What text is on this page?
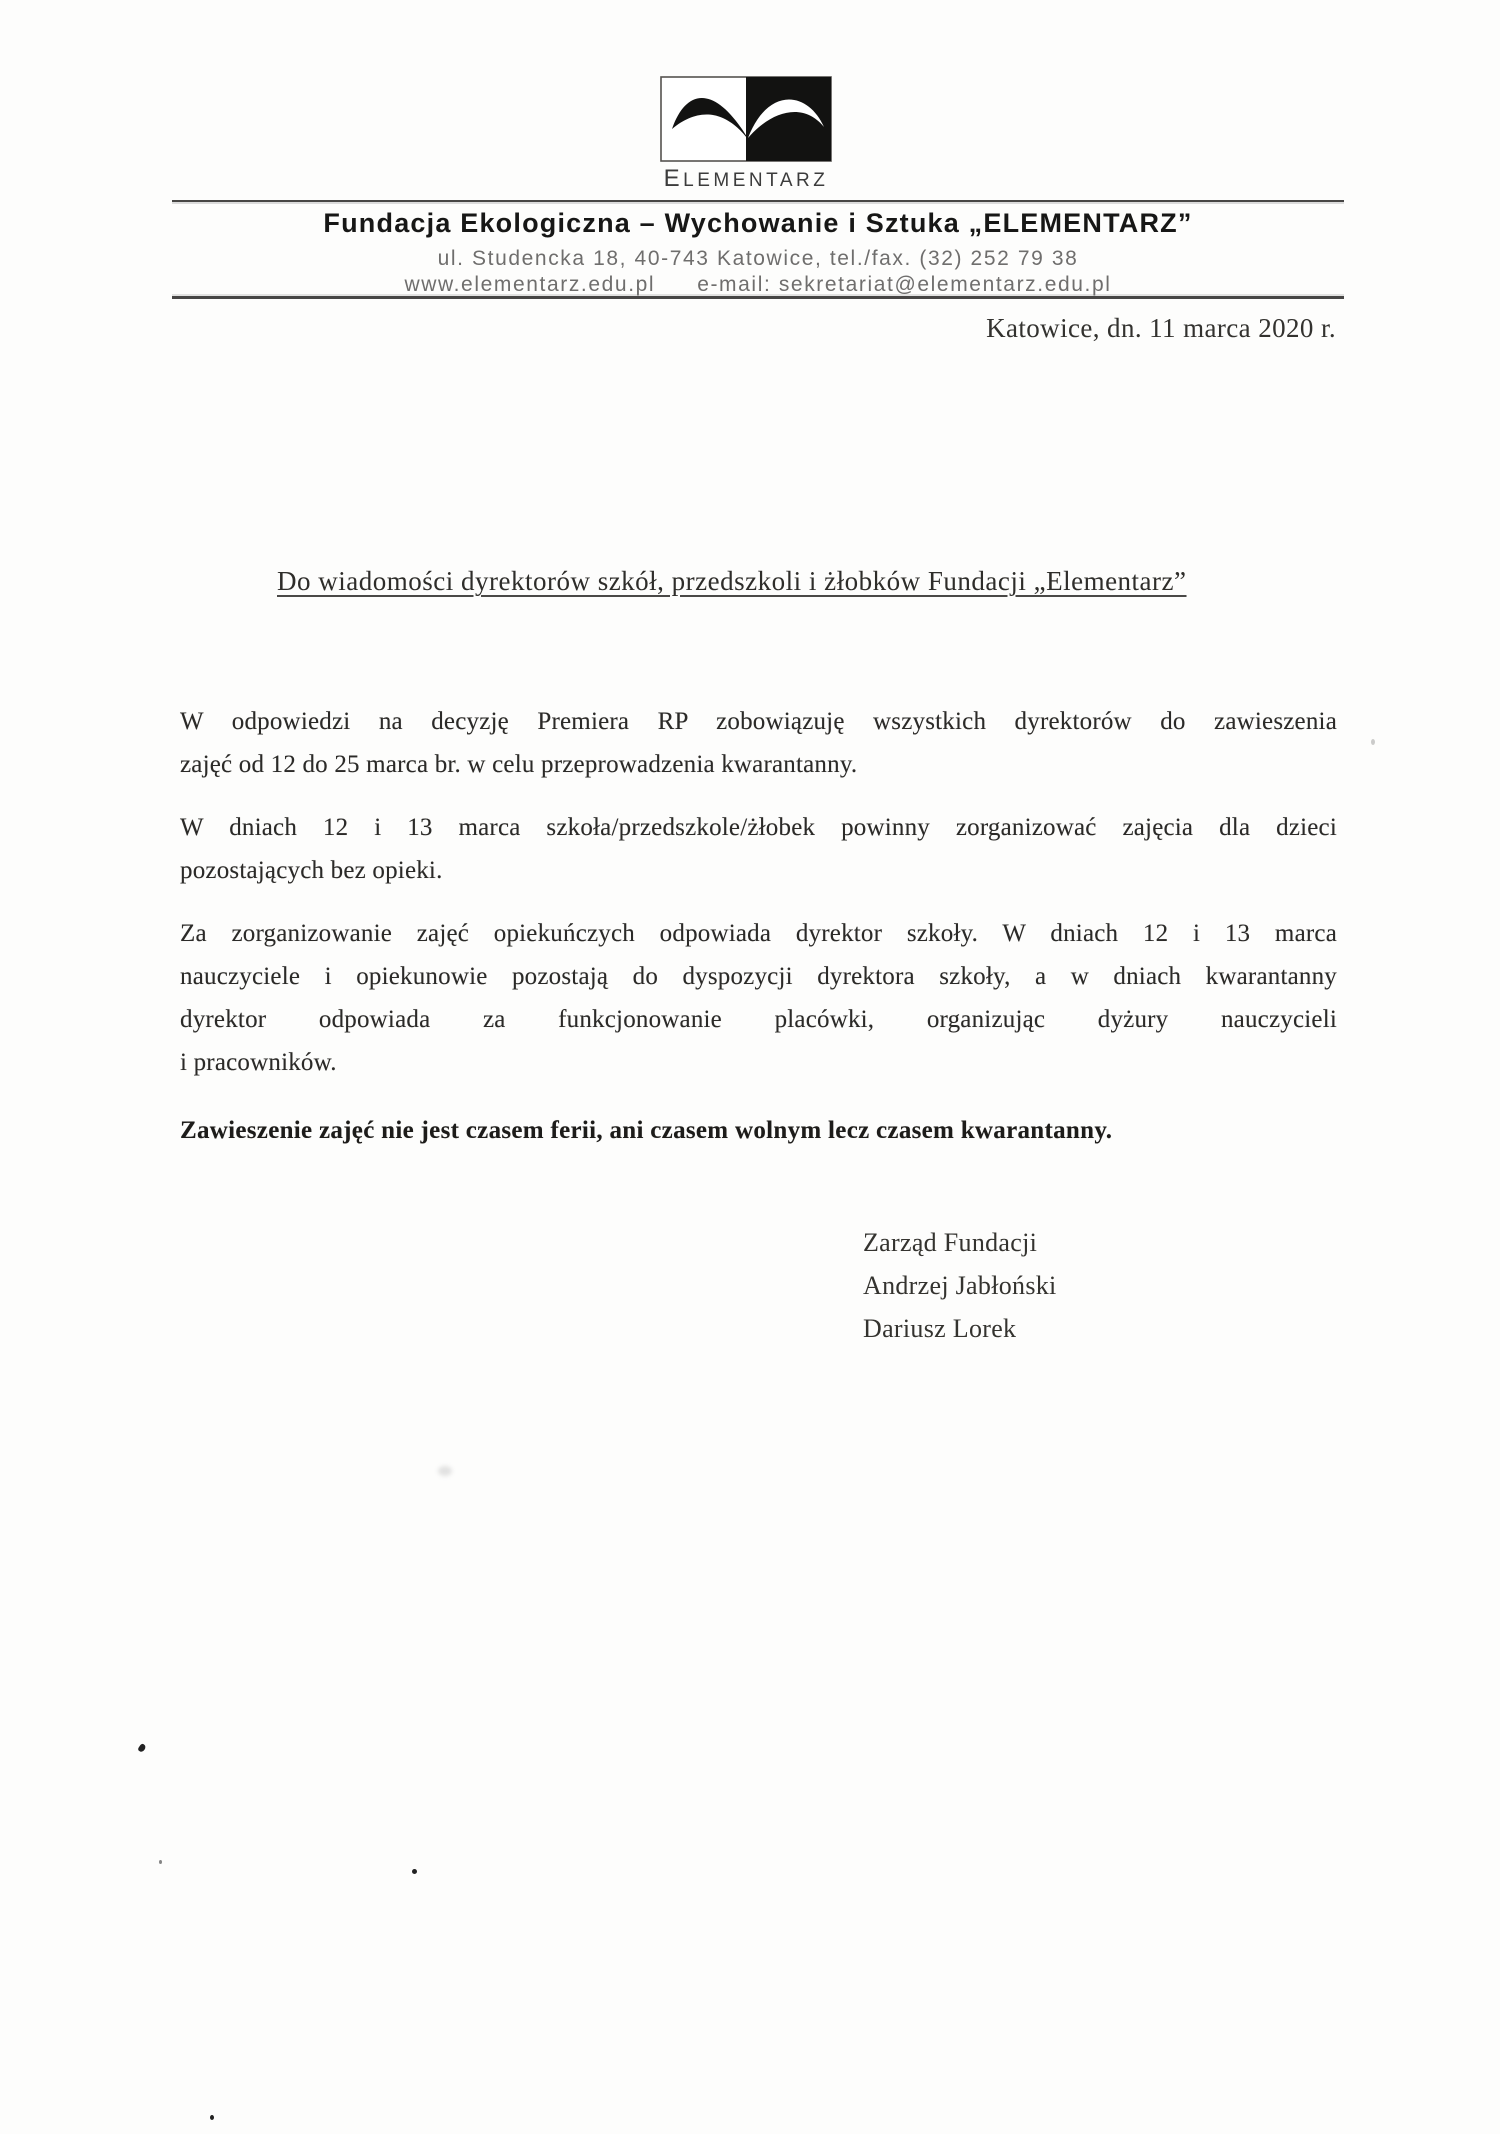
ELEMENTARZ
Fundacja Ekologiczna – Wychowanie i Sztuka „ELEMENTARZ”
ul. Studencka 18, 40-743 Katowice, tel./fax. (32) 252 79 38
www.elementarz.edu.pl e-mail: sekretariat@elementarz.edu.pl
Katowice, dn. 11 marca 2020 r.
Do wiadomości dyrektorów szkół, przedszkoli i żłobków Fundacji „Elementarz”
W odpowiedzi na decyzję Premiera RP zobowiązuję wszystkich dyrektorów do zawieszenia
zajęć od 12 do 25 marca br. w celu przeprowadzenia kwarantanny.
W dniach 12 i 13 marca szkoła/przedszkole/żłobek powinny zorganizować zajęcia dla dzieci
pozostających bez opieki.
Za zorganizowanie zajęć opiekuńczych odpowiada dyrektor szkoły. W dniach 12 i 13 marca
nauczyciele i opiekunowie pozostają do dyspozycji dyrektora szkoły, a w dniach kwarantanny
dyrektor odpowiada za funkcjonowanie placówki, organizując dyżury nauczycieli
i pracowników.
Zawieszenie zajęć nie jest czasem ferii, ani czasem wolnym lecz czasem kwarantanny.
Zarząd Fundacji
Andrzej Jabłoński
Dariusz Lorek
